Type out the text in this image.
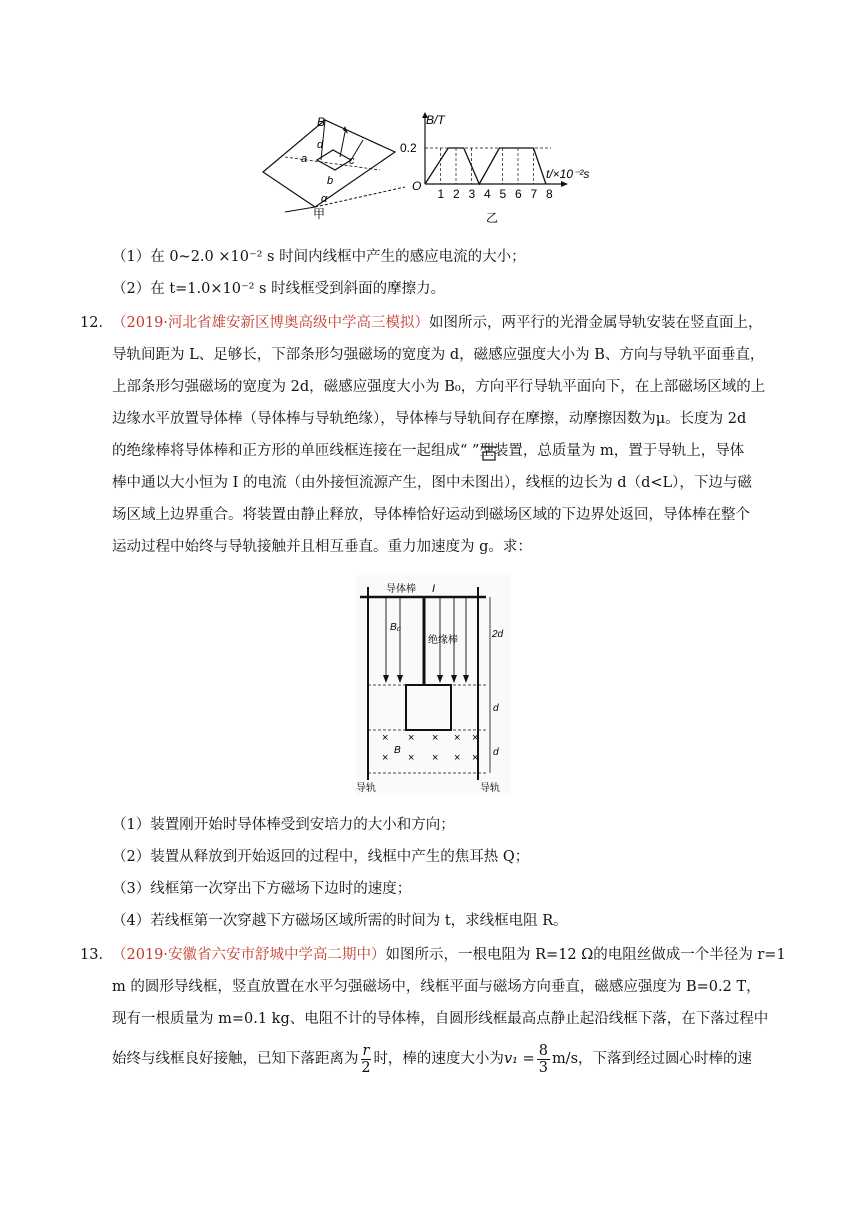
B
d
a	c
b
α
甲
B/T
0.2
O
t/×10⁻²s
1 2 3 4 5 6 7 8
乙
（1）在 0~2.0 ×10⁻² s 时间内线框中产生的感应电流的大小；
（2）在 t=1.0×10⁻² s 时线框受到斜面的摩擦力。
12． （2019·河北省雄安新区博奥高级中学高三模拟）如图所示，两平行的光滑金属导轨安装在竖直面上，
导轨间距为 L、足够长，下部条形匀强磁场的宽度为 d，磁感应强度大小为 B、方向与导轨平面垂直，
上部条形匀强磁场的宽度为 2d，磁感应强度大小为 B₀，方向平行导轨平面向下，在上部磁场区域的上
边缘水平放置导体棒（导体棒与导轨绝缘），导体棒与导轨间存在摩擦，动摩擦因数为μ。长度为 2d
的绝缘棒将导体棒和正方形的单匝线框连接在一起组成“ ”型装置，总质量为 m，置于导轨上，导体
棒中通以大小恒为 I 的电流（由外接恒流源产生，图中未图出），线框的边长为 d（d<L），下边与磁
场区域上边界重合。将装置由静止释放，导体棒恰好运动到磁场区域的下边界处返回，导体棒在整个
运动过程中始终与导轨接触并且相互垂直。重力加速度为 g。求：
× × × × ×
× × × × ×
导体棒 I
绝缘棒
B₀
B
2d
d
d
导轨	导轨
（1）装置刚开始时导体棒受到安培力的大小和方向；
（2）装置从释放到开始返回的过程中，线框中产生的焦耳热 Q；
（3）线框第一次穿出下方磁场下边时的速度；
（4）若线框第一次穿越下方磁场区域所需的时间为 t，求线框电阻 R。
13． （2019·安徽省六安市舒城中学高二期中）如图所示，一根电阻为 R=12 Ω的电阻丝做成一个半径为 r=1
m 的圆形导线框，竖直放置在水平匀强磁场中，线框平面与磁场方向垂直，磁感应强度为 B=0.2 T，
现有一根质量为 m=0.1 kg、电阻不计的导体棒，自圆形线框最高点静止起沿线框下落，在下落过程中
始终与线框良好接触，已知下落距离为 $\frac{r}{2}$ 时，棒的速度大小为$v_1 = \frac{8}{3} m/s$，下落到经过圆心时棒的速
